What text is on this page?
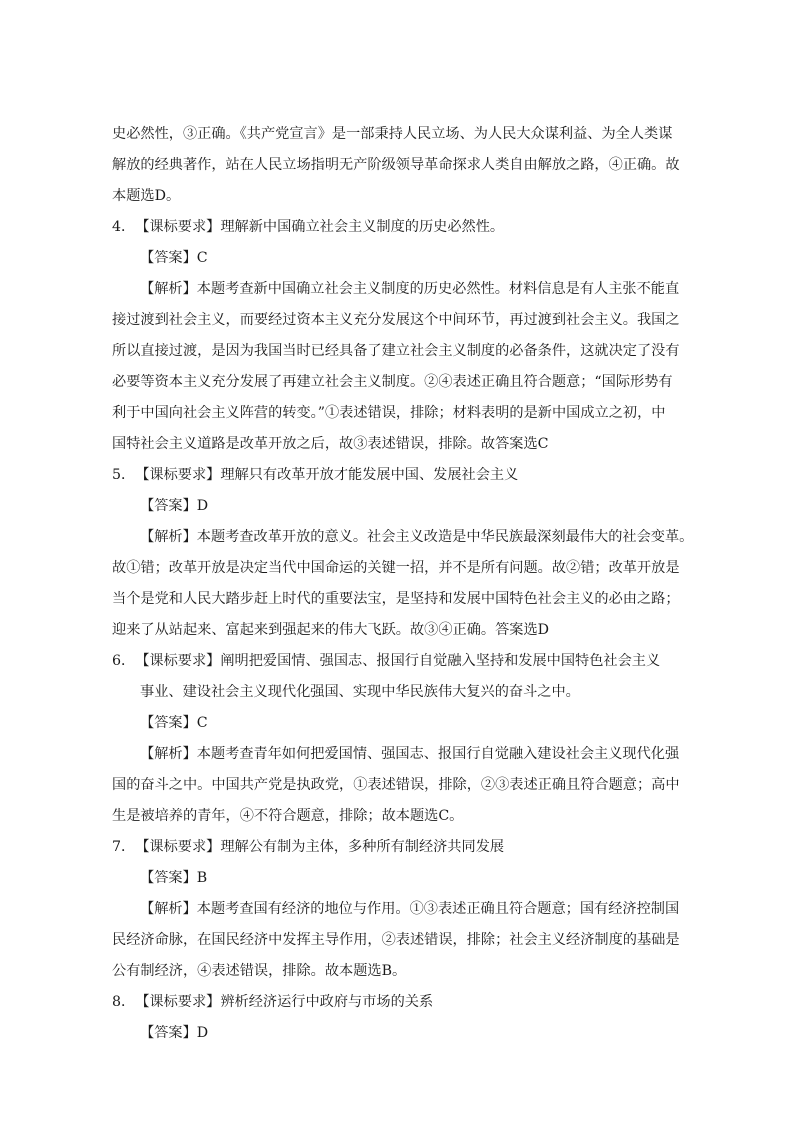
史必然性，③正确。《共产党宣言》是一部秉持人民立场、为人民大众谋利益、为全人类谋
解放的经典著作，站在人民立场指明无产阶级领导革命探求人类自由解放之路，④正确。故
本题选D。
4．　【课标要求】理解新中国确立社会主义制度的历史必然性。
【答案】C
【解析】本题考查新中国确立社会主义制度的历史必然性。材料信息是有人主张不能直
接过渡到社会主义，而要经过资本主义充分发展这个中间环节，再过渡到社会主义。我国之
所以直接过渡，是因为我国当时已经具备了建立社会主义制度的必备条件，这就决定了没有
必要等资本主义充分发展了再建立社会主义制度。②④表述正确且符合题意；“国际形势有
利于中国向社会主义阵营的转变。”①表述错误，排除；材料表明的是新中国成立之初，中
国特社会主义道路是改革开放之后，故③表述错误，排除。故答案选C
5．　【课标要求】理解只有改革开放才能发展中国、发展社会主义
【答案】D
【解析】本题考查改革开放的意义。社会主义改造是中华民族最深刻最伟大的社会变革。
故①错；改革开放是决定当代中国命运的关键一招，并不是所有问题。故②错；改革开放是
当个是党和人民大踏步赶上时代的重要法宝，是坚持和发展中国特色社会主义的必由之路；
迎来了从站起来、富起来到强起来的伟大飞跃。故③④正确。答案选D
6．　【课标要求】阐明把爱国情、强国志、报国行自觉融入坚持和发展中国特色社会主义
事业、建设社会主义现代化强国、实现中华民族伟大复兴的奋斗之中。
【答案】C
【解析】本题考查青年如何把爱国情、强国志、报国行自觉融入建设社会主义现代化强
国的奋斗之中。中国共产党是执政党，①表述错误，排除，②③表述正确且符合题意；高中
生是被培养的青年，④不符合题意，排除；故本题选C。
7．　【课标要求】理解公有制为主体，多种所有制经济共同发展
【答案】B
【解析】本题考查国有经济的地位与作用。①③表述正确且符合题意；国有经济控制国
民经济命脉，在国民经济中发挥主导作用，②表述错误，排除；社会主义经济制度的基础是
公有制经济，④表述错误，排除。故本题选B。
8．　【课标要求】辨析经济运行中政府与市场的关系
【答案】D
